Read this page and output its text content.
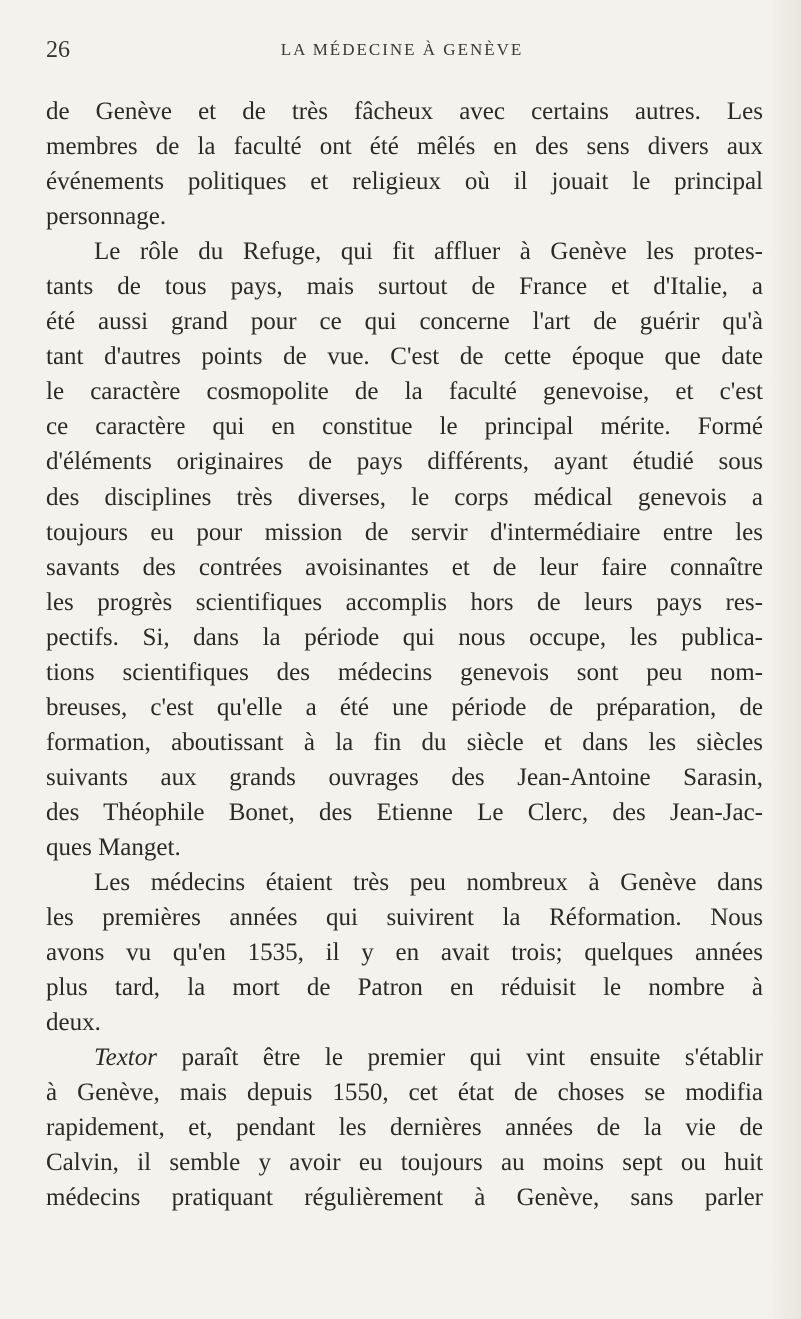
26	LA MÉDECINE À GENÈVE
de Genève et de très fâcheux avec certains autres. Les
membres de la faculté ont été mêlés en des sens divers aux
événements politiques et religieux où il jouait le principal
personnage.
Le rôle du Refuge, qui fit affluer à Genève les protes-
tants de tous pays, mais surtout de France et d'Italie, a
été aussi grand pour ce qui concerne l'art de guérir qu'à
tant d'autres points de vue. C'est de cette époque que date
le caractère cosmopolite de la faculté genevoise, et c'est
ce caractère qui en constitue le principal mérite. Formé
d'éléments originaires de pays différents, ayant étudié sous
des disciplines très diverses, le corps médical genevois a
toujours eu pour mission de servir d'intermédiaire entre les
savants des contrées avoisinantes et de leur faire connaître
les progrès scientifiques accomplis hors de leurs pays res-
pectifs. Si, dans la période qui nous occupe, les publica-
tions scientifiques des médecins genevois sont peu nom-
breuses, c'est qu'elle a été une période de préparation, de
formation, aboutissant à la fin du siècle et dans les siècles
suivants aux grands ouvrages des Jean-Antoine Sarasin,
des Théophile Bonet, des Etienne Le Clerc, des Jean-Jac-
ques Manget.
Les médecins étaient très peu nombreux à Genève dans
les premières années qui suivirent la Réformation. Nous
avons vu qu'en 1535, il y en avait trois; quelques années
plus tard, la mort de Patron en réduisit le nombre à
deux.
Textor paraît être le premier qui vint ensuite s'établir
à Genève, mais depuis 1550, cet état de choses se modifia
rapidement, et, pendant les dernières années de la vie de
Calvin, il semble y avoir eu toujours au moins sept ou huit
médecins pratiquant régulièrement à Genève, sans parler
